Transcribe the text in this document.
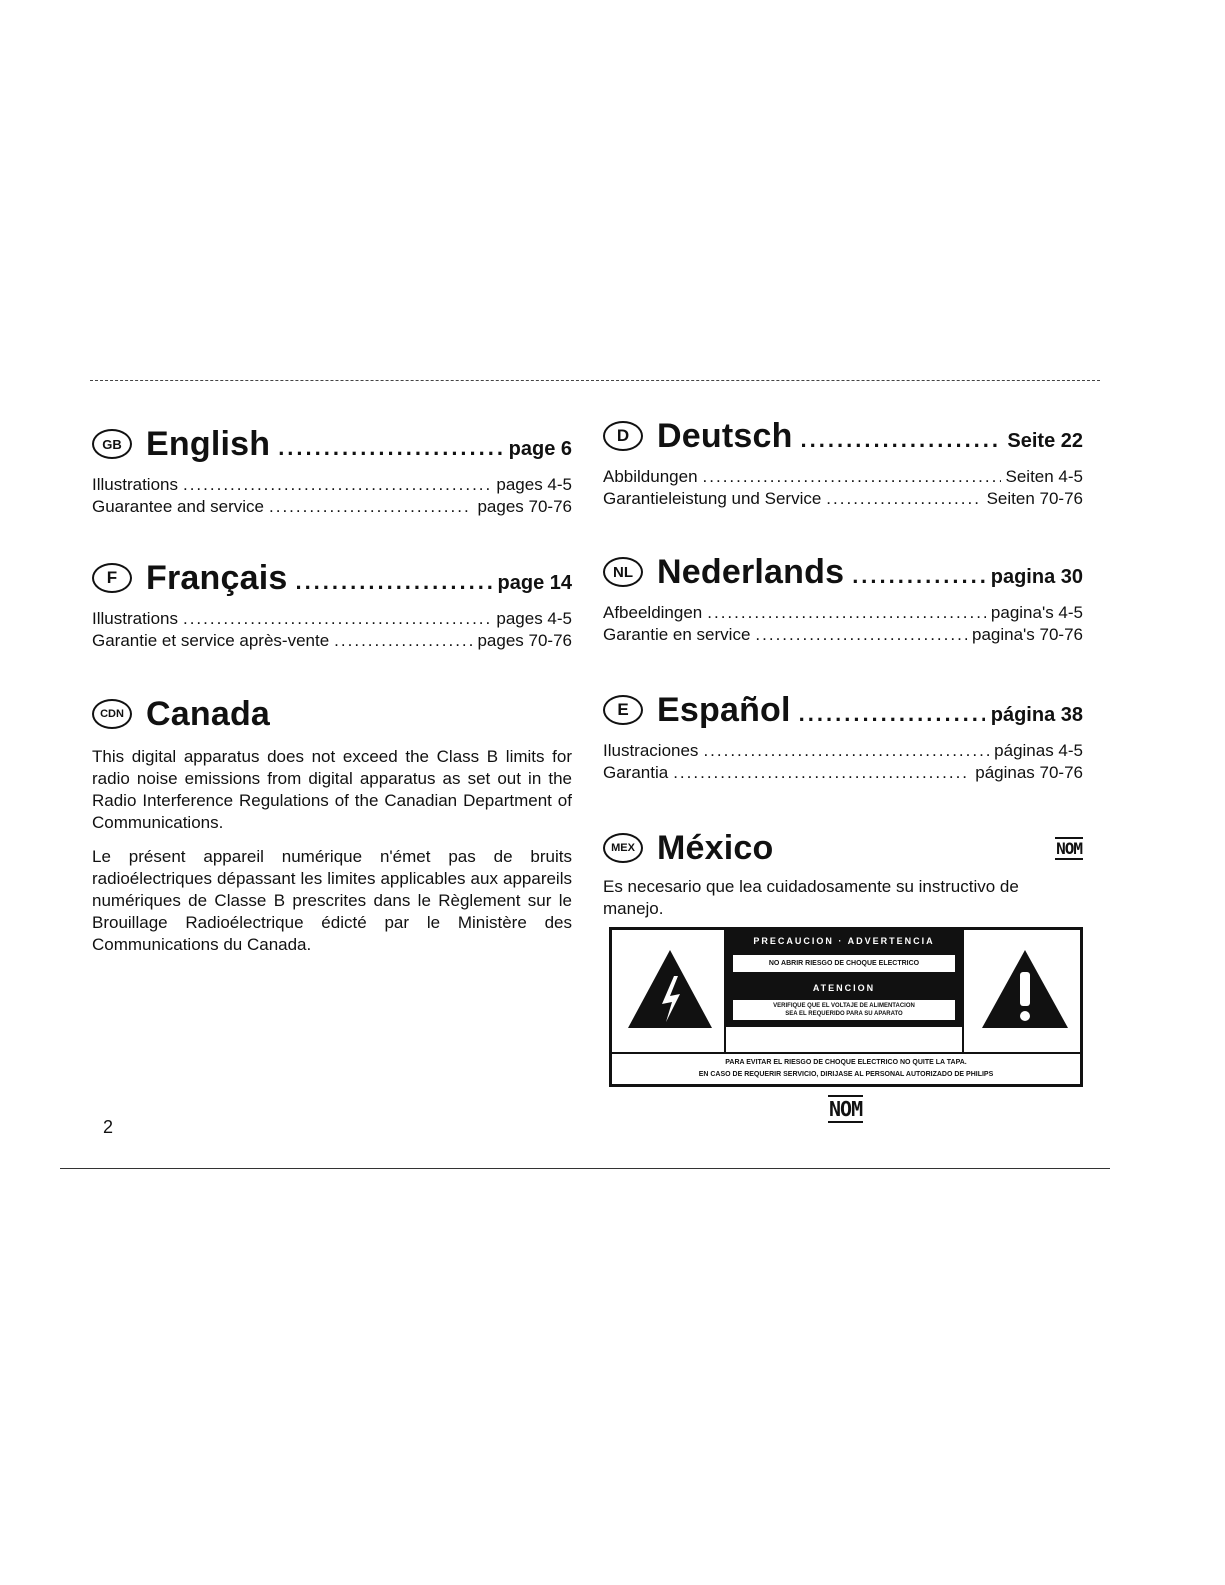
GB English .....	page 6
Illustrations .....	pages 4-5
Guarantee and service .....	pages 70-76
F Français .....	page 14
Illustrations .....	pages 4-5
Garantie et service après-vente .....	pages 70-76
CDN Canada

This digital apparatus does not exceed the Class B limits for radio noise emissions from digital apparatus as set out in the Radio Interference Regulations of the Canadian Department of Communications.

Le présent appareil numérique n'émet pas de bruits radioélectriques dépassant les limites applicables aux appareils numériques de Classe B prescrites dans le Règlement sur le Brouillage Radioélectrique édicté par le Ministère des Communications du Canada.

D Deutsch .....	Seite 22
Abbildungen .....	Seiten 4-5
Garantieleistung und Service .....	Seiten 70-76
NL Nederlands .....	pagina 30
Afbeeldingen .....	pagina's 4-5
Garantie en service .....	pagina's 70-76
E Español .....	página 38
Ilustraciones .....	páginas 4-5
Garantia .....	páginas 70-76
MEX México	NOM

Es necesario que lea cuidadosamente su instructivo de manejo.

PRECAUCION · ADVERTENCIA
NO ABRIR RIESGO DE CHOQUE ELECTRICO
ATENCION
VERIFIQUE QUE EL VOLTAJE DE ALIMENTACION
SEA EL REQUERIDO PARA SU APARATO
PARA EVITAR EL RIESGO DE CHOQUE ELECTRICO NO QUITE LA TAPA.
EN CASO DE REQUERIR SERVICIO, DIRIJASE AL PERSONAL AUTORIZADO DE PHILIPS
NOM
2
